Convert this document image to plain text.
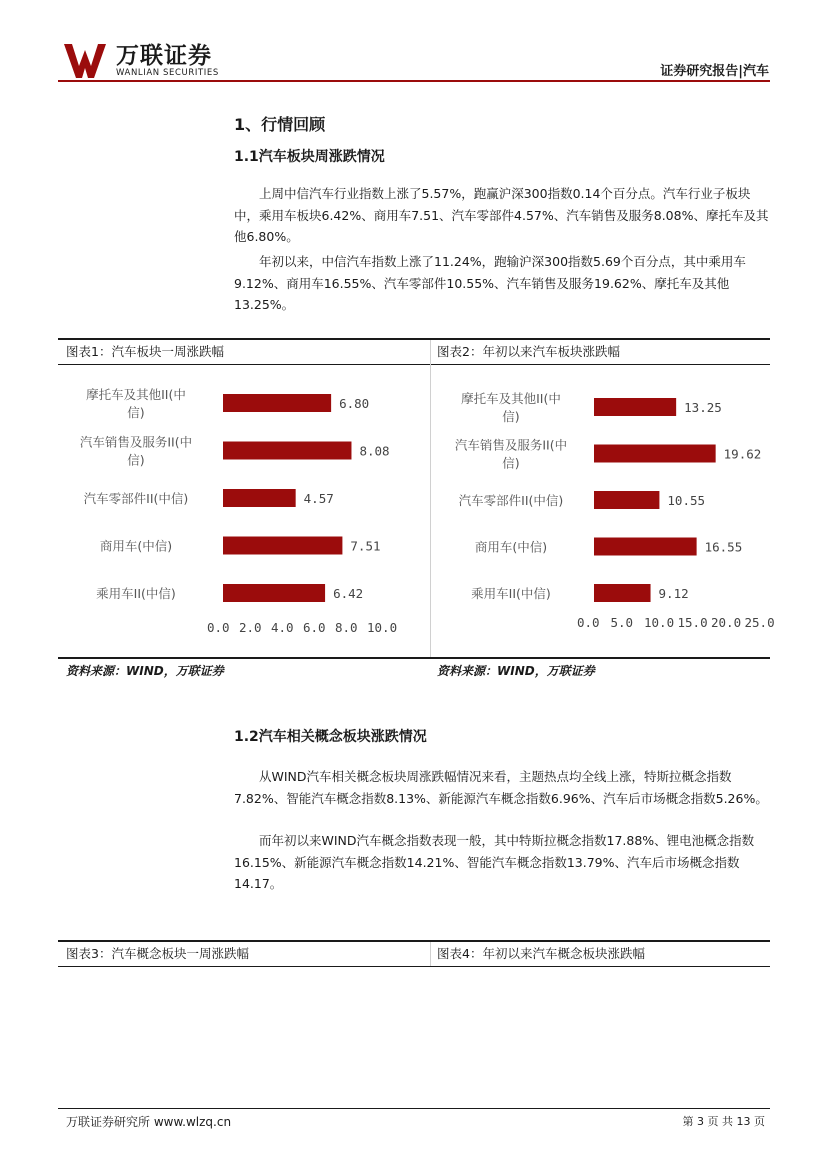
万联证券
WANLIAN SECURITIES	证券研究报告|汽车
1、行情回顾
1.1汽车板块周涨跌情况

上周中信汽车行业指数上涨了5.57%，跑赢沪深300指数0.14个百分点。汽车行业子板块中，乘用车板块6.42%、商用车7.51、汽车零部件4.57%、汽车销售及服务8.08%、摩托车及其他6.80%。

年初以来，中信汽车指数上涨了11.24%，跑输沪深300指数5.69个百分点，其中乘用车9.12%、商用车16.55%、汽车零部件10.55%、汽车销售及服务19.62%、摩托车及其他13.25%。

图表1：汽车板块一周涨跌幅	图表2：年初以来汽车板块涨跌幅
6.80
摩托车及其他II(中
信)
8.08
汽车销售及服务II(中
信)
4.57
汽车零部件II(中信)
7.51
商用车(中信)
6.42
乘用车II(中信)
0.0 2.0 4.0 6.0 8.0 10.0
13.25
摩托车及其他II(中
信)
19.62
汽车销售及服务II(中
信)
10.55
汽车零部件II(中信)
16.55
商用车(中信)
9.12
乘用车II(中信)
0.0 5.0 10.0 15.0 20.0 25.0
资料来源：WIND，万联证券	资料来源：WIND，万联证券
1.2汽车相关概念板块涨跌情况

从WIND汽车相关概念板块周涨跌幅情况来看，主题热点均全线上涨，特斯拉概念指数7.82%、智能汽车概念指数8.13%、新能源汽车概念指数6.96%、汽车后市场概念指数5.26%。

而年初以来WIND汽车概念指数表现一般，其中特斯拉概念指数17.88%、锂电池概念指数16.15%、新能源汽车概念指数14.21%、智能汽车概念指数13.79%、汽车后市场概念指数14.17。

图表3：汽车概念板块一周涨跌幅	图表4：年初以来汽车概念板块涨跌幅
万联证券研究所 www.wlzq.cn	第 3 页 共 13 页
